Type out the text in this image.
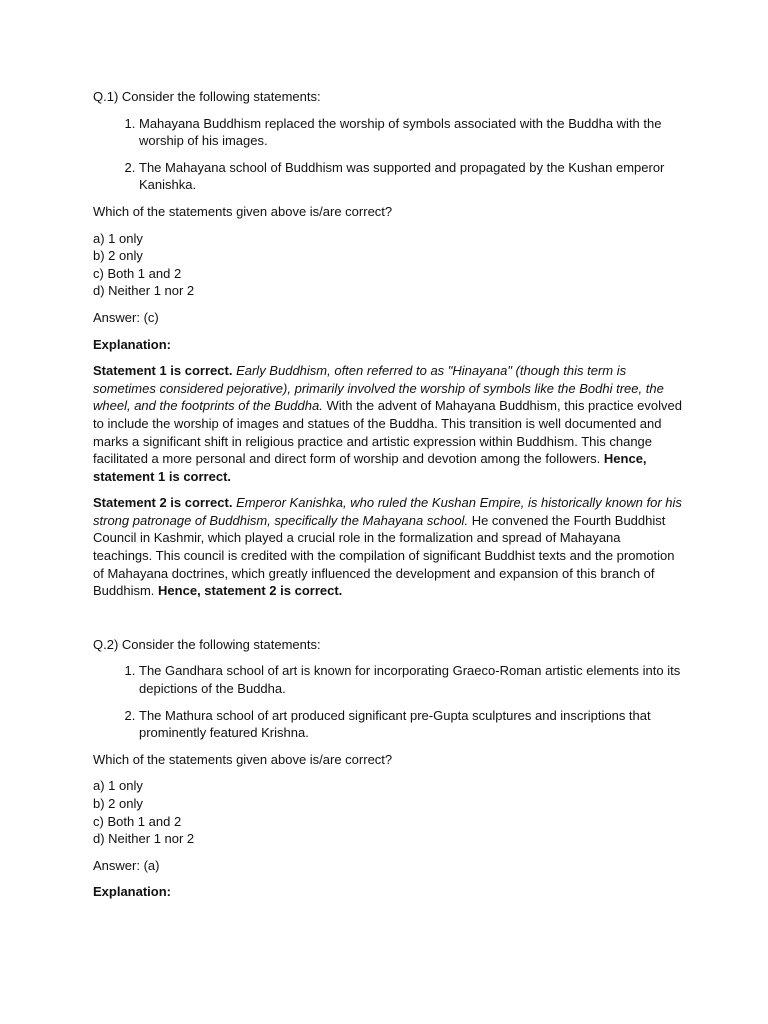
Q.1) Consider the following statements:

1. Mahayana Buddhism replaced the worship of symbols associated with the Buddha with the worship of his images.
2. The Mahayana school of Buddhism was supported and propagated by the Kushan emperor Kanishka.

Which of the statements given above is/are correct?

a) 1 only
b) 2 only
c) Both 1 and 2
d) Neither 1 nor 2

Answer: (c)

Explanation:

Statement 1 is correct. Early Buddhism, often referred to as "Hinayana" (though this term is sometimes considered pejorative), primarily involved the worship of symbols like the Bodhi tree, the wheel, and the footprints of the Buddha. With the advent of Mahayana Buddhism, this practice evolved to include the worship of images and statues of the Buddha. This transition is well documented and marks a significant shift in religious practice and artistic expression within Buddhism. This change facilitated a more personal and direct form of worship and devotion among the followers. Hence, statement 1 is correct.

Statement 2 is correct. Emperor Kanishka, who ruled the Kushan Empire, is historically known for his strong patronage of Buddhism, specifically the Mahayana school. He convened the Fourth Buddhist Council in Kashmir, which played a crucial role in the formalization and spread of Mahayana teachings. This council is credited with the compilation of significant Buddhist texts and the promotion of Mahayana doctrines, which greatly influenced the development and expansion of this branch of Buddhism. Hence, statement 2 is correct.

Q.2) Consider the following statements:

1. The Gandhara school of art is known for incorporating Graeco-Roman artistic elements into its depictions of the Buddha.
2. The Mathura school of art produced significant pre-Gupta sculptures and inscriptions that prominently featured Krishna.

Which of the statements given above is/are correct?

a) 1 only
b) 2 only
c) Both 1 and 2
d) Neither 1 nor 2

Answer: (a)

Explanation:
